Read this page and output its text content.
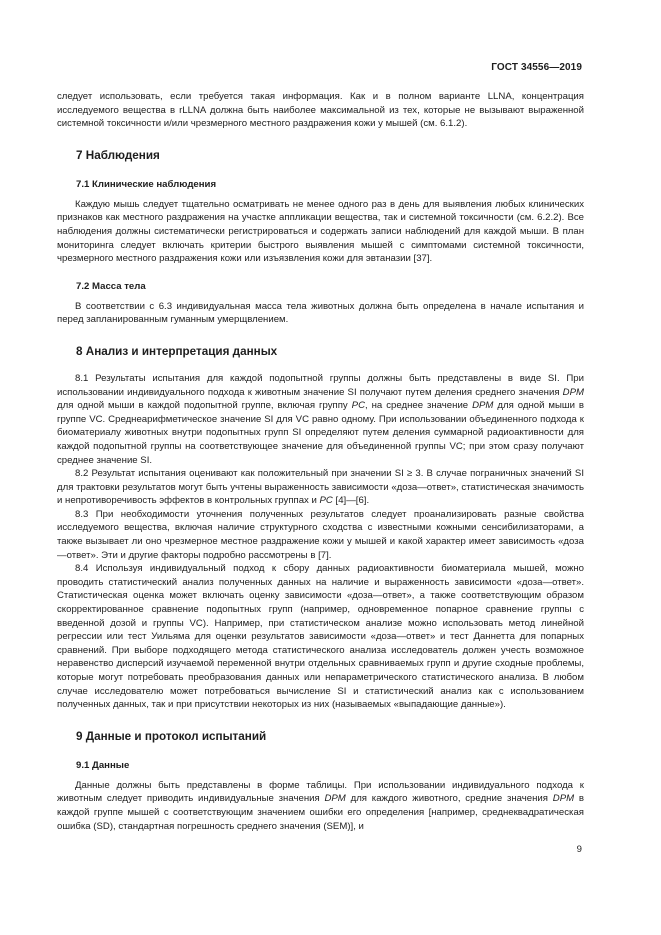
ГОСТ 34556—2019

следует использовать, если требуется такая информация. Как и в полном варианте LLNA, концентрация исследуемого вещества в rLLNA должна быть наиболее максимальной из тех, которые не вызывают выраженной системной токсичности и/или чрезмерного местного раздражения кожи у мышей (см. 6.1.2).

7 Наблюдения
7.1 Клинические наблюдения

Каждую мышь следует тщательно осматривать не менее одного раз в день для выявления любых клинических признаков как местного раздражения на участке аппликации вещества, так и системной токсичности (см. 6.2.2). Все наблюдения должны систематически регистрироваться и содержать записи наблюдений для каждой мыши. В план мониторинга следует включать критерии быстрого выявления мышей с симптомами системной токсичности, чрезмерного местного раздражения кожи или изъязвления кожи для эвтаназии [37].

7.2 Масса тела

В соответствии с 6.3 индивидуальная масса тела животных должна быть определена в начале испытания и перед запланированным гуманным умерщвлением.

8 Анализ и интерпретация данных

8.1 Результаты испытания для каждой подопытной группы должны быть представлены в виде SI. При использовании индивидуального подхода к животным значение SI получают путем деления среднего значения DPM для одной мыши в каждой подопытной группе, включая группу PC, на среднее значение DPM для одной мыши в группе VC. Среднеарифметическое значение SI для VC равно одному. При использовании объединенного подхода к биоматериалу животных внутри подопытных групп SI определяют путем деления суммарной радиоактивности для каждой подопытной группы на соответствующее значение для объединенной группы VC; при этом сразу получают среднее значение SI.

8.2 Результат испытания оценивают как положительный при значении SI ≥ 3. В случае пограничных значений SI для трактовки результатов могут быть учтены выраженность зависимости «доза—ответ», статистическая значимость и непротиворечивость эффектов в контрольных группах и PC [4]—[6].

8.3 При необходимости уточнения полученных результатов следует проанализировать разные свойства исследуемого вещества, включая наличие структурного сходства с известными кожными сенсибилизаторами, а также вызывает ли оно чрезмерное местное раздражение кожи у мышей и какой характер имеет зависимость «доза—ответ». Эти и другие факторы подробно рассмотрены в [7].

8.4 Используя индивидуальный подход к сбору данных радиоактивности биоматериала мышей, можно проводить статистический анализ полученных данных на наличие и выраженность зависимости «доза—ответ». Статистическая оценка может включать оценку зависимости «доза—ответ», а также соответствующим образом скорректированное сравнение подопытных групп (например, одновременное попарное сравнение группы с введенной дозой и группы VC). Например, при статистическом анализе можно использовать метод линейной регрессии или тест Уильяма для оценки результатов зависимости «доза—ответ» и тест Даннетта для попарных сравнений. При выборе подходящего метода статистического анализа исследователь должен учесть возможное неравенство дисперсий изучаемой переменной внутри отдельных сравниваемых групп и другие сходные проблемы, которые могут потребовать преобразования данных или непараметрического статистического анализа. В любом случае исследователю может потребоваться вычисление SI и статистический анализ как с использованием полученных данных, так и при присутствии некоторых из них (называемых «выпадающие данные»).

9 Данные и протокол испытаний
9.1 Данные

Данные должны быть представлены в форме таблицы. При использовании индивидуального подхода к животным следует приводить индивидуальные значения DPM для каждого животного, средние значения DPM в каждой группе мышей с соответствующим значением ошибки его определения [например, среднеквадратическая ошибка (SD), стандартная погрешность среднего значения (SEM)], и

9
